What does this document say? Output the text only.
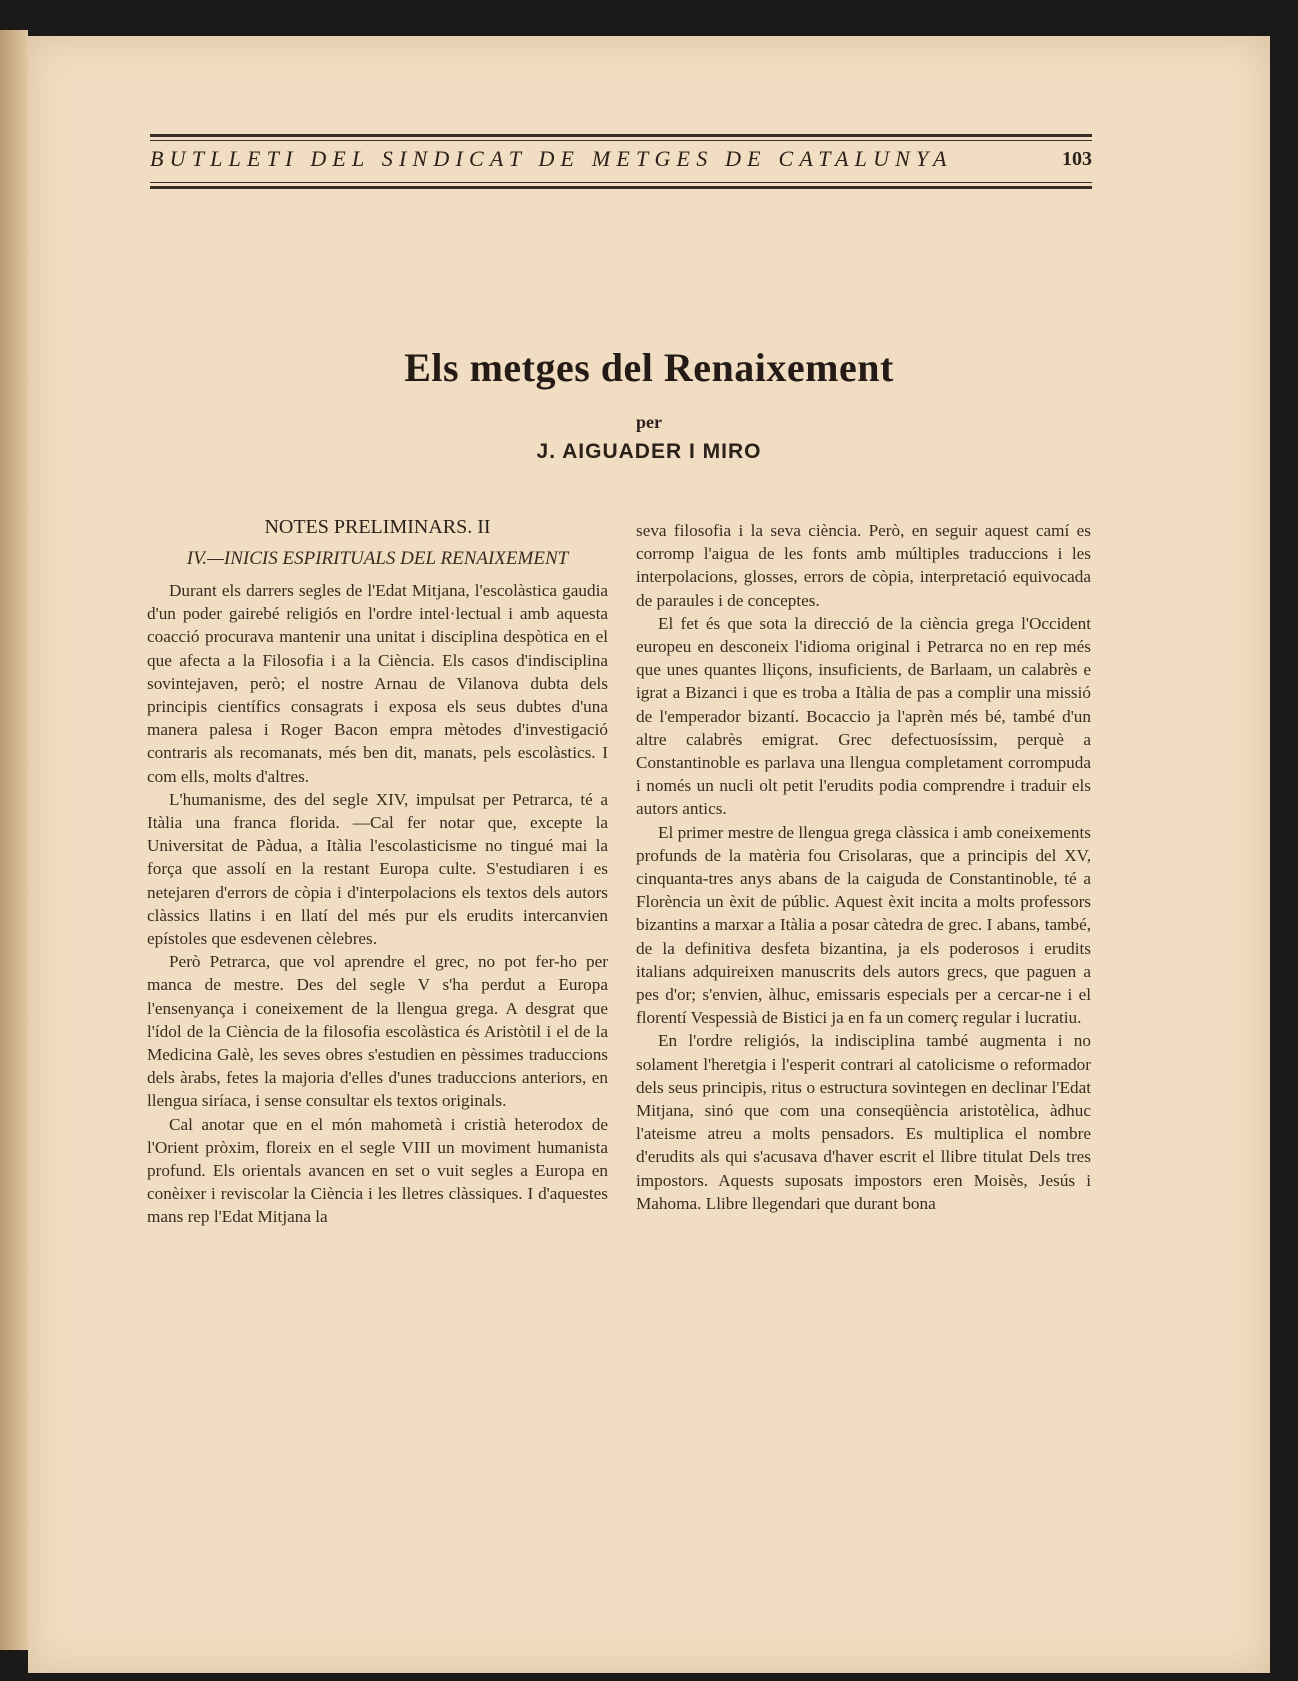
BUTLLETI DEL SINDICAT DE METGES DE CATALUNYA	103
Els metges del Renaixement
per
J. AIGUADER I MIRO
NOTES PRELIMINARS. II
IV.—INICIS ESPIRITUALS DEL RENAIXEMENT

Durant els darrers segles de l'Edat Mitjana, l'escolàstica gaudia d'un poder gairebé religiós en l'ordre intel·lectual i amb aquesta coacció procurava mantenir una unitat i disciplina despòtica en el que afecta a la Filosofia i a la Ciència. Els casos d'indisciplina sovintejaven, però; el nostre Arnau de Vilanova dubta dels principis científics consagrats i exposa els seus dubtes d'una manera palesa i Roger Bacon empra mètodes d'investigació contraris als recomanats, més ben dit, manats, pels escolàstics. I com ells, molts d'altres.

L'humanisme, des del segle XIV, impulsat per Petrarca, té a Itàlia una franca florida. —Cal fer notar que, excepte la Universitat de Pàdua, a Itàlia l'escolasticisme no tingué mai la força que assolí en la restant Europa culte. S'estudiaren i es netejaren d'errors de còpia i d'interpolacions els textos dels autors clàssics llatins i en llatí del més pur els erudits intercanvien epístoles que esdevenen cèlebres.

Però Petrarca, que vol aprendre el grec, no pot fer-ho per manca de mestre. Des del segle V s'ha perdut a Europa l'ensenyança i coneixement de la llengua grega. A desgrat que l'ídol de la Ciència de la filosofia escolàstica és Aristòtil i el de la Medicina Galè, les seves obres s'estudien en pèssimes traduccions dels àrabs, fetes la majoria d'elles d'unes traduccions anteriors, en llengua siríaca, i sense consultar els textos originals.

Cal anotar que en el món mahometà i cristià heterodox de l'Orient pròxim, floreix en el segle VIII un moviment humanista profund. Els orientals avancen en set o vuit segles a Europa en conèixer i reviscolar la Ciència i les lletres clàssiques. I d'aquestes mans rep l'Edat Mitjana la

seva filosofia i la seva ciència. Però, en seguir aquest camí es corromp l'aigua de les fonts amb múltiples traduccions i les interpolacions, glosses, errors de còpia, interpretació equivocada de paraules i de conceptes.

El fet és que sota la direcció de la ciència grega l'Occident europeu en desconeix l'idioma original i Petrarca no en rep més que unes quantes lliçons, insuficients, de Barlaam, un calabrès e igrat a Bizanci i que es troba a Itàlia de pas a complir una missió de l'emperador bizantí. Bocaccio ja l'aprèn més bé, també d'un altre calabrès emigrat. Grec defectuosíssim, perquè a Constantinoble es parlava una llengua completament corrompuda i només un nucli olt petit l'erudits podia comprendre i traduir els autors antics.

El primer mestre de llengua grega clàssica i amb coneixements profunds de la matèria fou Crisolaras, que a principis del XV, cinquanta-tres anys abans de la caiguda de Constantinoble, té a Florència un èxit de públic. Aquest èxit incita a molts professors bizantins a marxar a Itàlia a posar càtedra de grec. I abans, també, de la definitiva desfeta bizantina, ja els poderosos i erudits italians adquireixen manuscrits dels autors grecs, que paguen a pes d'or; s'envien, àlhuc, emissaris especials per a cercar-ne i el florentí Vespessià de Bistici ja en fa un comerç regular i lucratiu.

En l'ordre religiós, la indisciplina també augmenta i no solament l'heretgia i l'esperit contrari al catolicisme o reformador dels seus principis, ritus o estructura sovintegen en declinar l'Edat Mitjana, sinó que com una conseqüència aristotèlica, àdhuc l'ateisme atreu a molts pensadors. Es multiplica el nombre d'erudits als qui s'acusava d'haver escrit el llibre titulat Dels tres impostors. Aquests suposats impostors eren Moisès, Jesús i Mahoma. Llibre llegendari que durant bona
